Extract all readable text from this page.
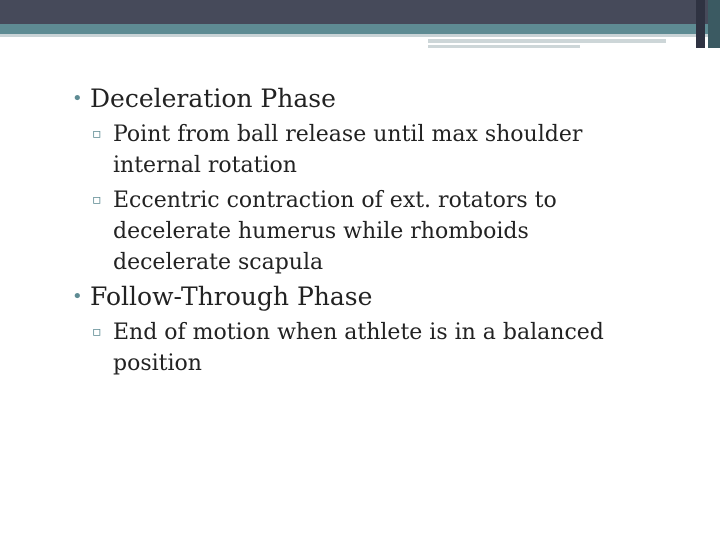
• Deceleration Phase
▫ Point from ball release until max shoulder
internal rotation
▫ Eccentric contraction of ext. rotators to
decelerate humerus while rhomboids
decelerate scapula
• Follow-Through Phase
▫ End of motion when athlete is in a balanced
position
